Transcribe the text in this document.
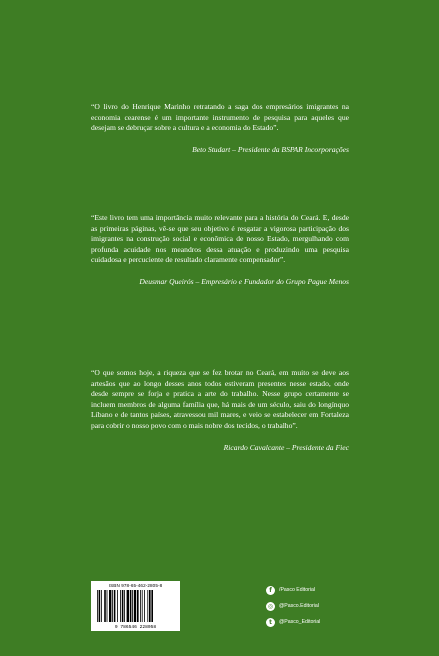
“O livro do Henrique Marinho retratando a saga dos empresários imigrantes na economia cearense é um importante instrumento de pesquisa para aqueles que desejam se debruçar sobre a cultura e a economia do Estado”.

Beto Studart – Presidente da BSPAR Incorporações

“Este livro tem uma importância muito relevante para a história do Ceará. E, desde as primeiras páginas, vê-se que seu objetivo é resgatar a vigorosa participação dos imigrantes na construção social e econômica de nosso Estado, mergulhando com profunda acuidade nos meandros dessa atuação e produzindo uma pesquisa cuidadosa e percuciente de resultado claramente compensador”.

Deusmar Queirós – Empresário e Fundador do Grupo Pague Menos

“O que somos hoje, a riqueza que se fez brotar no Ceará, em muito se deve aos artesãos que ao longo desses anos todos estiveram presentes nesse estado, onde desde sempre se forja e pratica a arte do trabalho. Nesse grupo certamente se incluem membros de alguma família que, há mais de um século, saiu do longínquo Líbano e de tantos países, atravessou mil mares, e veio se estabelecer em Fortaleza para cobrir o nosso povo com o mais nobre dos tecidos, o trabalho”.

Ricardo Cavalcante – Presidente da Fiec
ISBN 978-65-462-2805-8
9 786546 228058
f	/Pasco Editorial
◎	@Pasco.Editorial
t	@Pasco_Editorial
